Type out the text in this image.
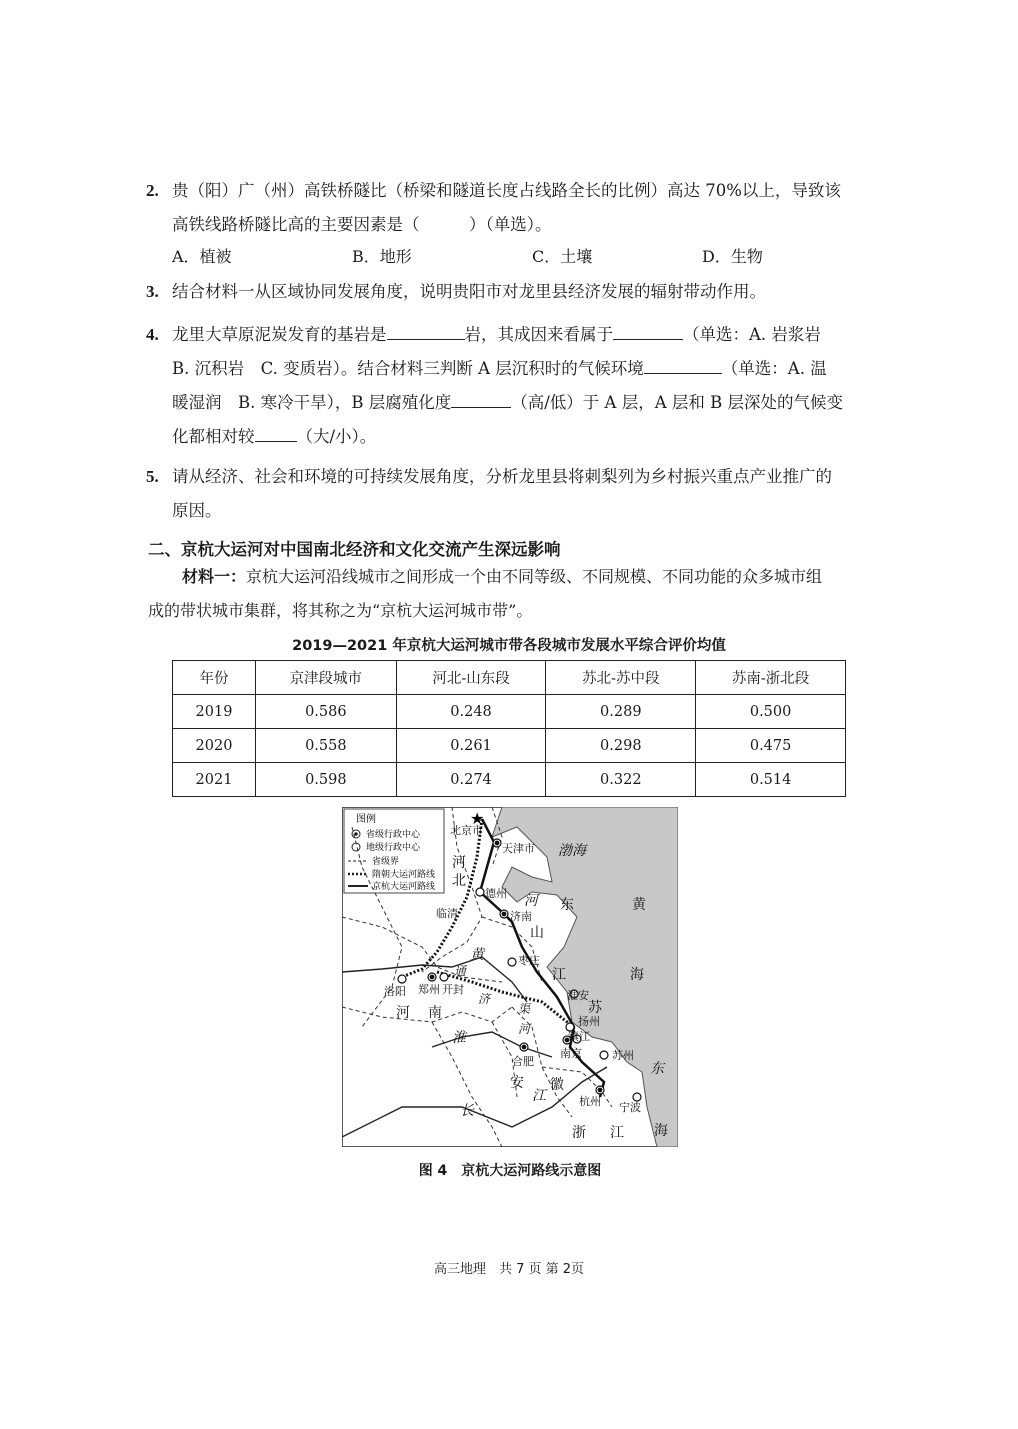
2. 贵（阳）广（州）高铁桥隧比（桥梁和隧道长度占线路全长的比例）高达 70%以上，导致该
高铁线路桥隧比高的主要因素是（　　　）（单选）。
A．植被	B．地形	C．土壤	D．生物
3. 结合材料一从区域协同发展角度，说明贵阳市对龙里县经济发展的辐射带动作用。
4. 龙里大草原泥炭发育的基岩是	岩，其成因来看属于	（单选：A. 岩浆岩
B. 沉积岩　C. 变质岩）。结合材料三判断 A 层沉积时的气候环境	（单选：A. 温
暖湿润　B. 寒冷干旱），B 层腐殖化度	（高/低）于 A 层，A 层和 B 层深处的气候变
化都相对较	（大/小）。
5. 请从经济、社会和环境的可持续发展角度，分析龙里县将刺梨列为乡村振兴重点产业推广的
原因。
二、京杭大运河对中国南北经济和文化交流产生深远影响
材料一：京杭大运河沿线城市之间形成一个由不同等级、不同规模、不同功能的众多城市组
成的带状城市集群，将其称之为“京杭大运河城市带”。
2019—2021 年京杭大运河城市带各段城市发展水平综合评价均值
年份	京津段城市	河北-山东段	苏北-苏中段	苏南-浙北段
2019	0.586	0.248	0.289	0.500
2020	0.558	0.261	0.298	0.475
2021	0.598	0.274	0.322	0.514
图例
省级行政中心
地级行政中心
省级界
隋朝大运河路线
京杭大运河路线
★
北京市
天津市
德州
临清	济南
枣庄
洛阳 郑州 开封	淮安
扬州
镇江
南京
合肥	苏州
杭州 宁波
渤海
河
北
河 东	黄
山
黄
江	海
河 南	苏
淮
安 徽
江
东
长
浙 江 海
通
济
渠
河
图 4　京杭大运河路线示意图
高三地理　共 7 页 第 2页
